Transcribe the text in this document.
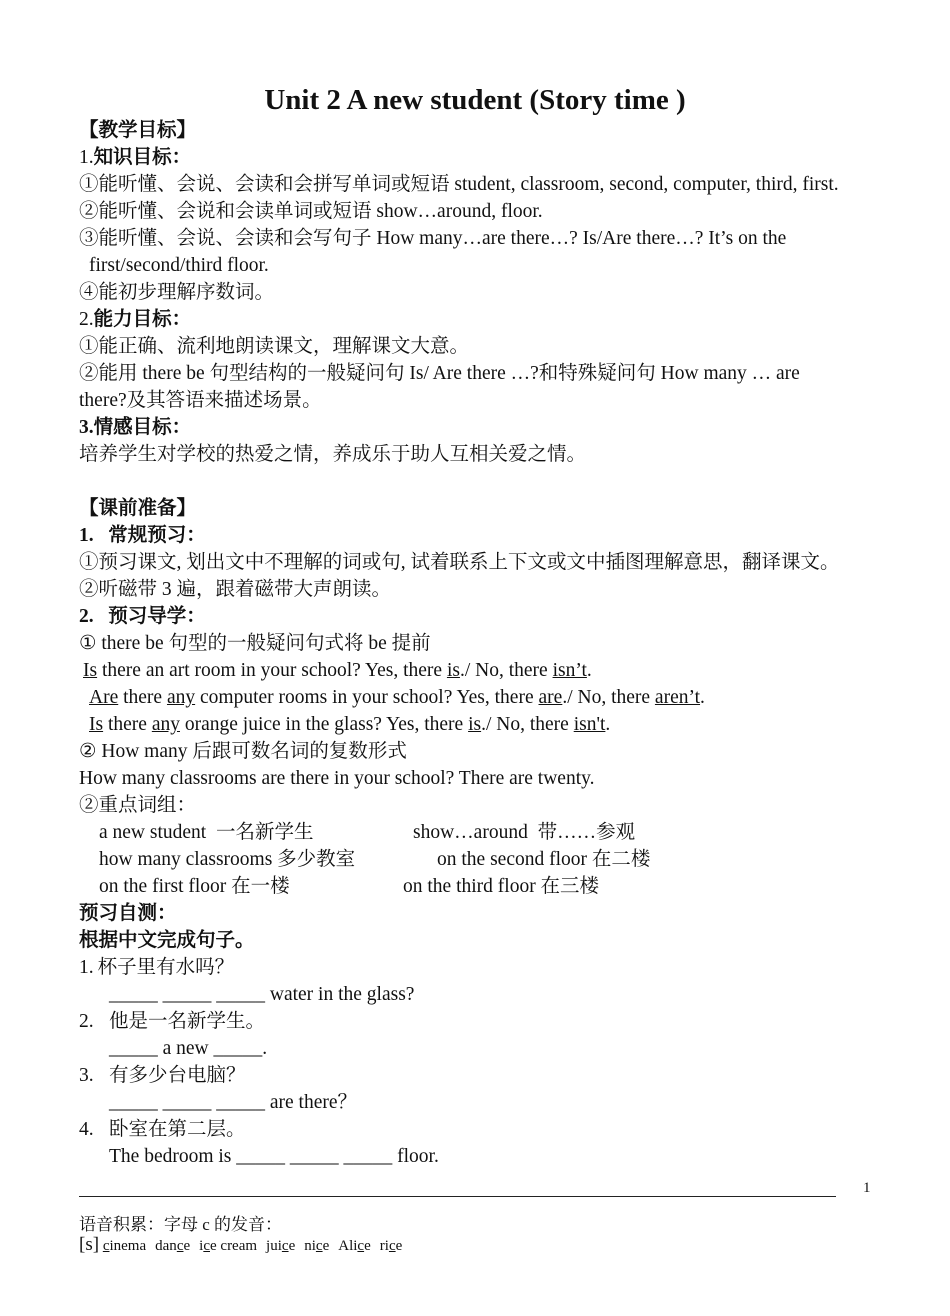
Unit 2 A new student (Story time )
【教学目标】
1.知识目标：
①能听懂、会说、会读和会拼写单词或短语 student, classroom, second, computer, third, first.
②能听懂、会说和会读单词或短语 show…around, floor.
③能听懂、会说、会读和会写句子 How many…are there…? Is/Are there…? It’s on the
first/second/third floor.
④能初步理解序数词。
2.能力目标：
①能正确、流利地朗读课文，理解课文大意。
②能用 there be 句型结构的一般疑问句 Is/ Are there …?和特殊疑问句 How many … are
there?及其答语来描述场景。
3.情感目标：
培养学生对学校的热爱之情，养成乐于助人互相关爱之情。
【课前准备】
1.   常规预习：
①预习课文, 划出文中不理解的词或句, 试着联系上下文或文中插图理解意思，翻译课文。
②听磁带 3 遍，跟着磁带大声朗读。
2.   预习导学：
① there be 句型的一般疑问句式将 be 提前
Is there an art room in your school? Yes, there is./ No, there isn’t.
Are there any computer rooms in your school? Yes, there are./ No, there aren’t.
Is there any orange juice in the glass? Yes, there is./ No, there isn't.
② How many 后跟可数名词的复数形式
How many classrooms are there in your school? There are twenty.
②重点词组：
a new student  一名新学生	show…around  带……参观
how many classrooms 多少教室	on the second floor 在二楼
on the first floor 在一楼	on the third floor 在三楼
预习自测：
根据中文完成句子。
1. 杯子里有水吗？
_____ _____ _____ water in the glass?
2. 他是一名新学生。
_____ a new _____.
3. 有多少台电脑？
_____ _____ _____ are there？
4. 卧室在第二层。
The bedroom is _____ _____ _____ floor.
1
语音积累：字母 c 的发音：
[s] cinema dance ice cream juice nice Alice rice
